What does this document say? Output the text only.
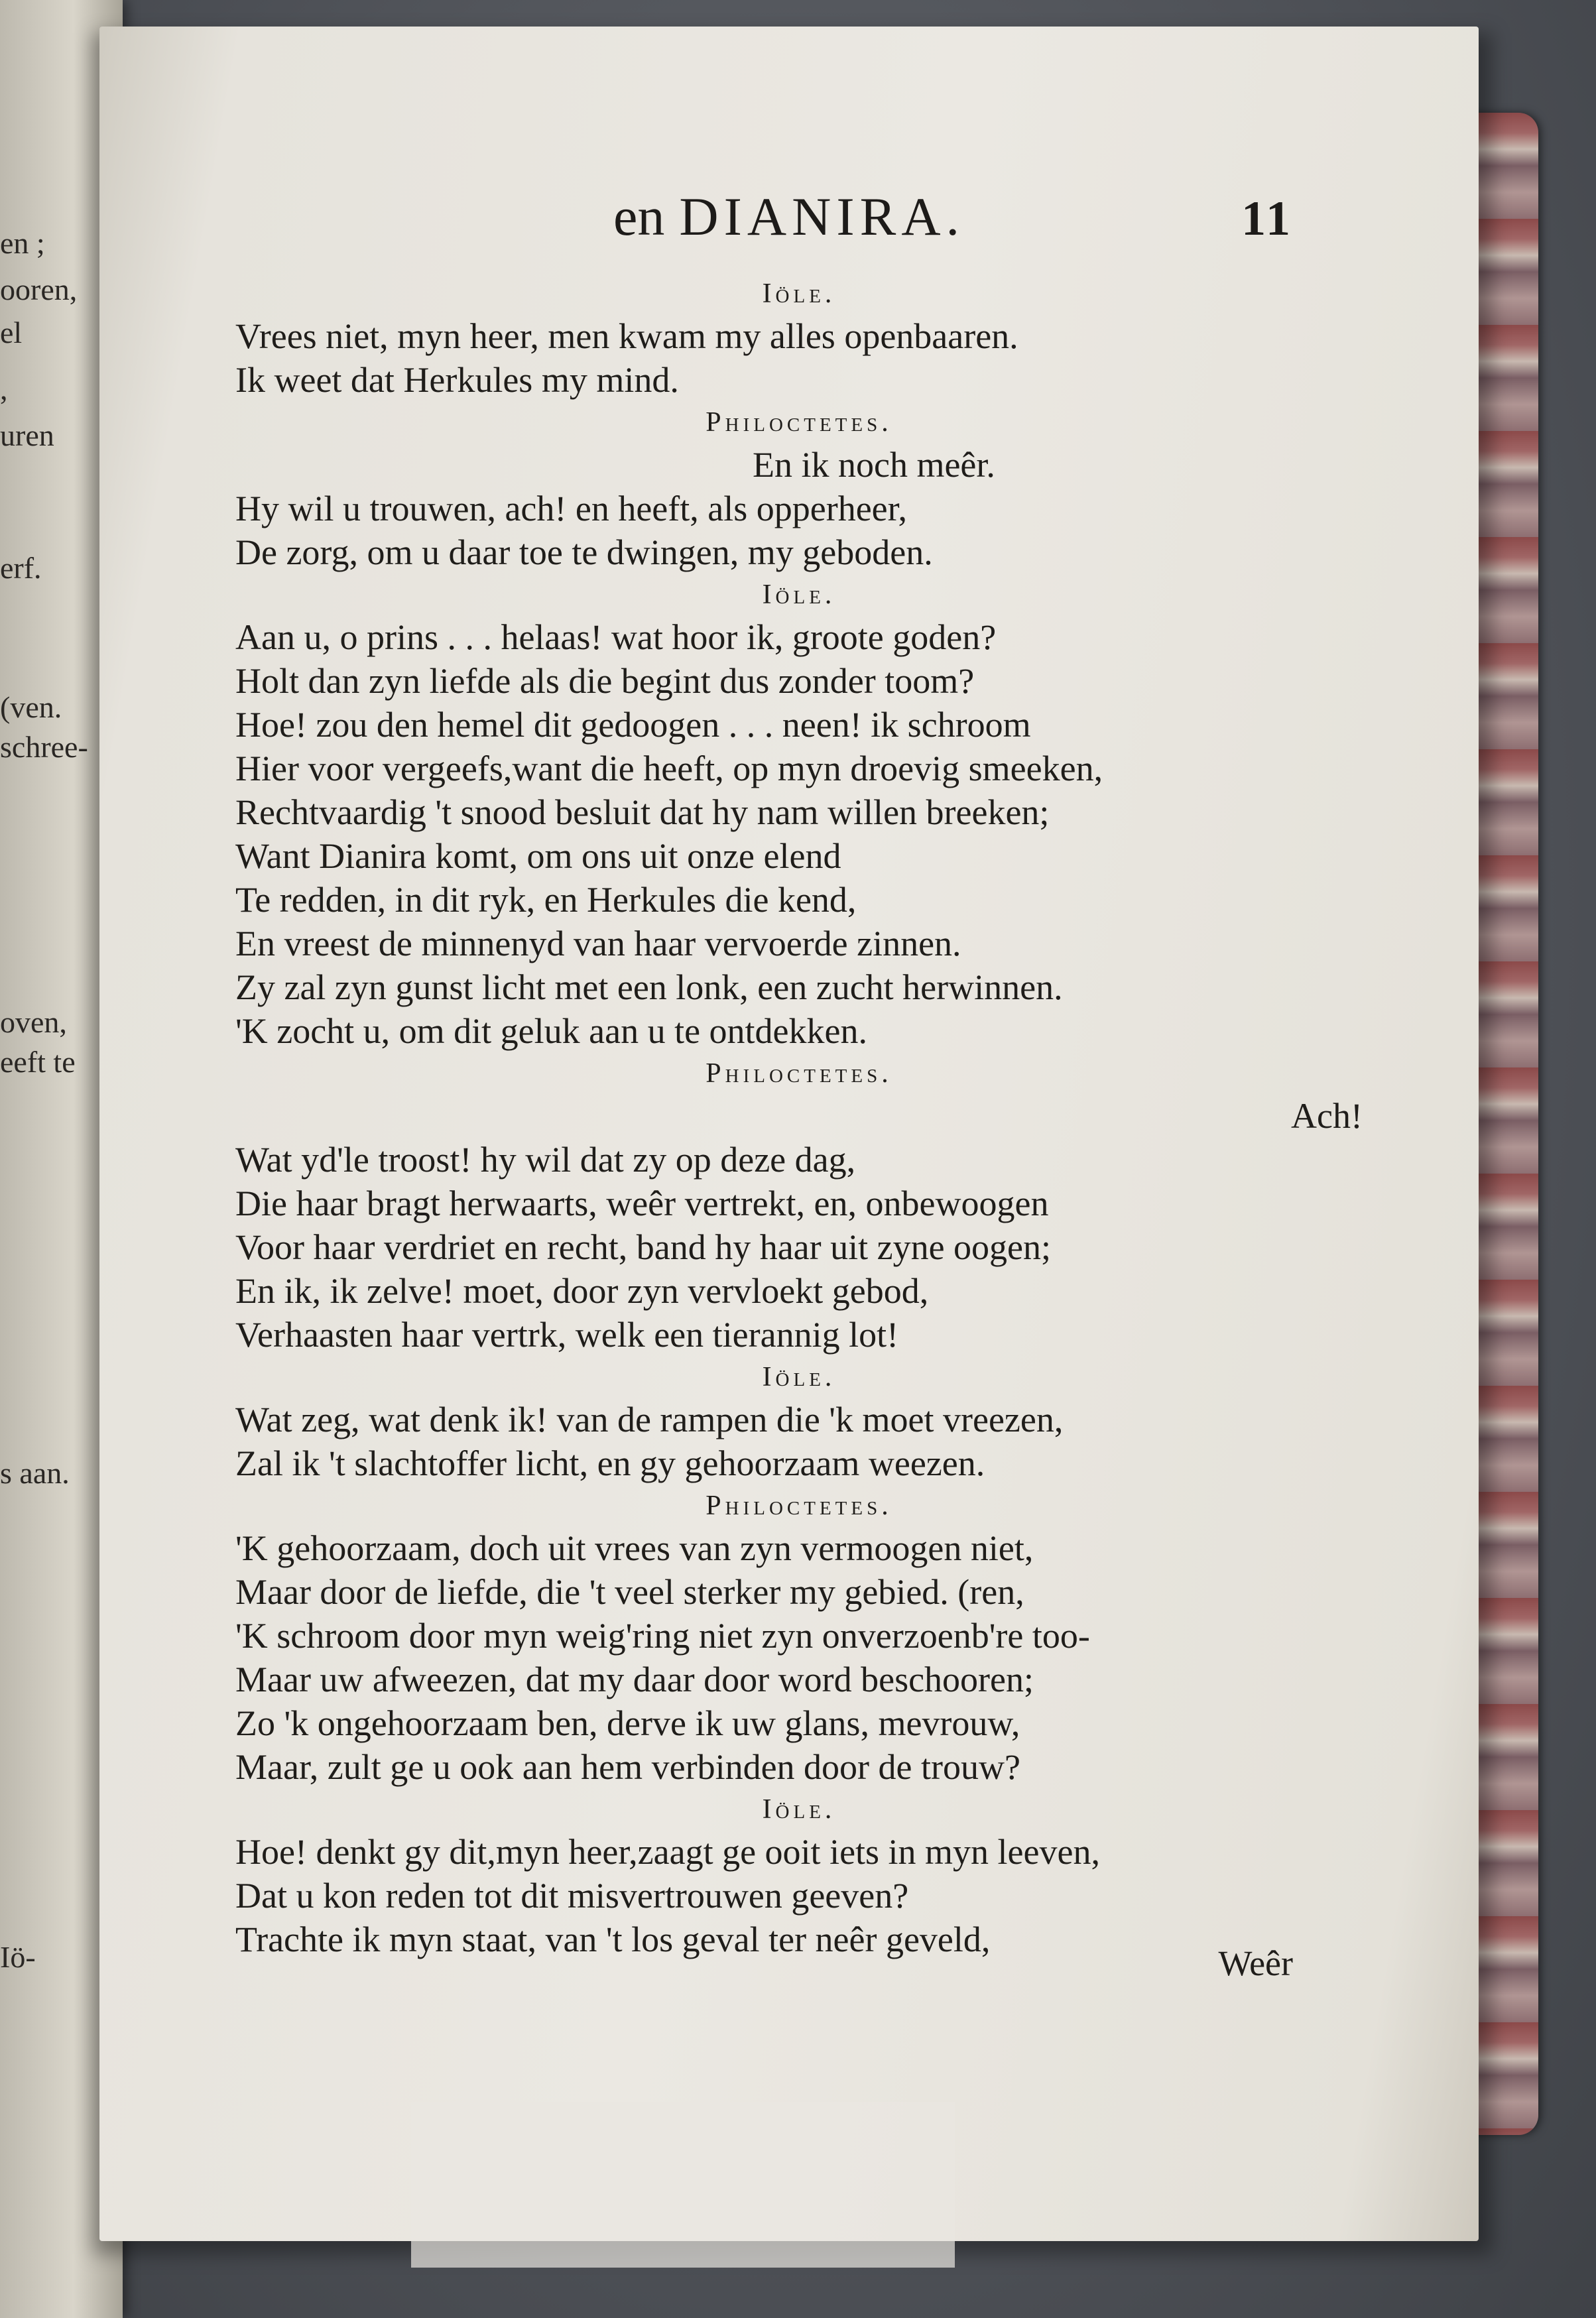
en ;
ooren,
el
,
uren
erf.
(ven.
schree-
oven,
eeft te
s aan.
Iö-
en DIANIRA.	11
Iöle.
Vrees niet, myn heer, men kwam my alles openbaaren.
Ik weet dat Herkules my mind.
Philoctetes.
En ik noch meêr.
Hy wil u trouwen, ach! en heeft, als opperheer,
De zorg, om u daar toe te dwingen, my geboden.
Iöle.
Aan u, o prins . . . helaas! wat hoor ik, groote goden?
Holt dan zyn liefde als die begint dus zonder toom?
Hoe! zou den hemel dit gedoogen . . . neen! ik schroom
Hier voor vergeefs,want die heeft, op myn droevig smeeken,
Rechtvaardig 't snood besluit dat hy nam willen breeken;
Want Dianira komt, om ons uit onze elend
Te redden, in dit ryk, en Herkules die kend,
En vreest de minnenyd van haar vervoerde zinnen.
Zy zal zyn gunst licht met een lonk, een zucht herwinnen.
'K zocht u, om dit geluk aan u te ontdekken.
Philoctetes.
Ach!
Wat yd'le troost! hy wil dat zy op deze dag,
Die haar bragt herwaarts, weêr vertrekt, en, onbewoogen
Voor haar verdriet en recht, band hy haar uit zyne oogen;
En ik, ik zelve! moet, door zyn vervloekt gebod,
Verhaasten haar vertrk, welk een tierannig lot!
Iöle.
Wat zeg, wat denk ik! van de rampen die 'k moet vreezen,
Zal ik 't slachtoffer licht, en gy gehoorzaam weezen.
Philoctetes.
'K gehoorzaam, doch uit vrees van zyn vermoogen niet,
Maar door de liefde, die 't veel sterker my gebied. (ren,
'K schroom door myn weig'ring niet zyn onverzoenb're too-
Maar uw afweezen, dat my daar door word beschooren;
Zo 'k ongehoorzaam ben, derve ik uw glans, mevrouw,
Maar, zult ge u ook aan hem verbinden door de trouw?
Iöle.
Hoe! denkt gy dit,myn heer,zaagt ge ooit iets in myn leeven,
Dat u kon reden tot dit misvertrouwen geeven?
Trachte ik myn staat, van 't los geval ter neêr geveld,
Weêr
